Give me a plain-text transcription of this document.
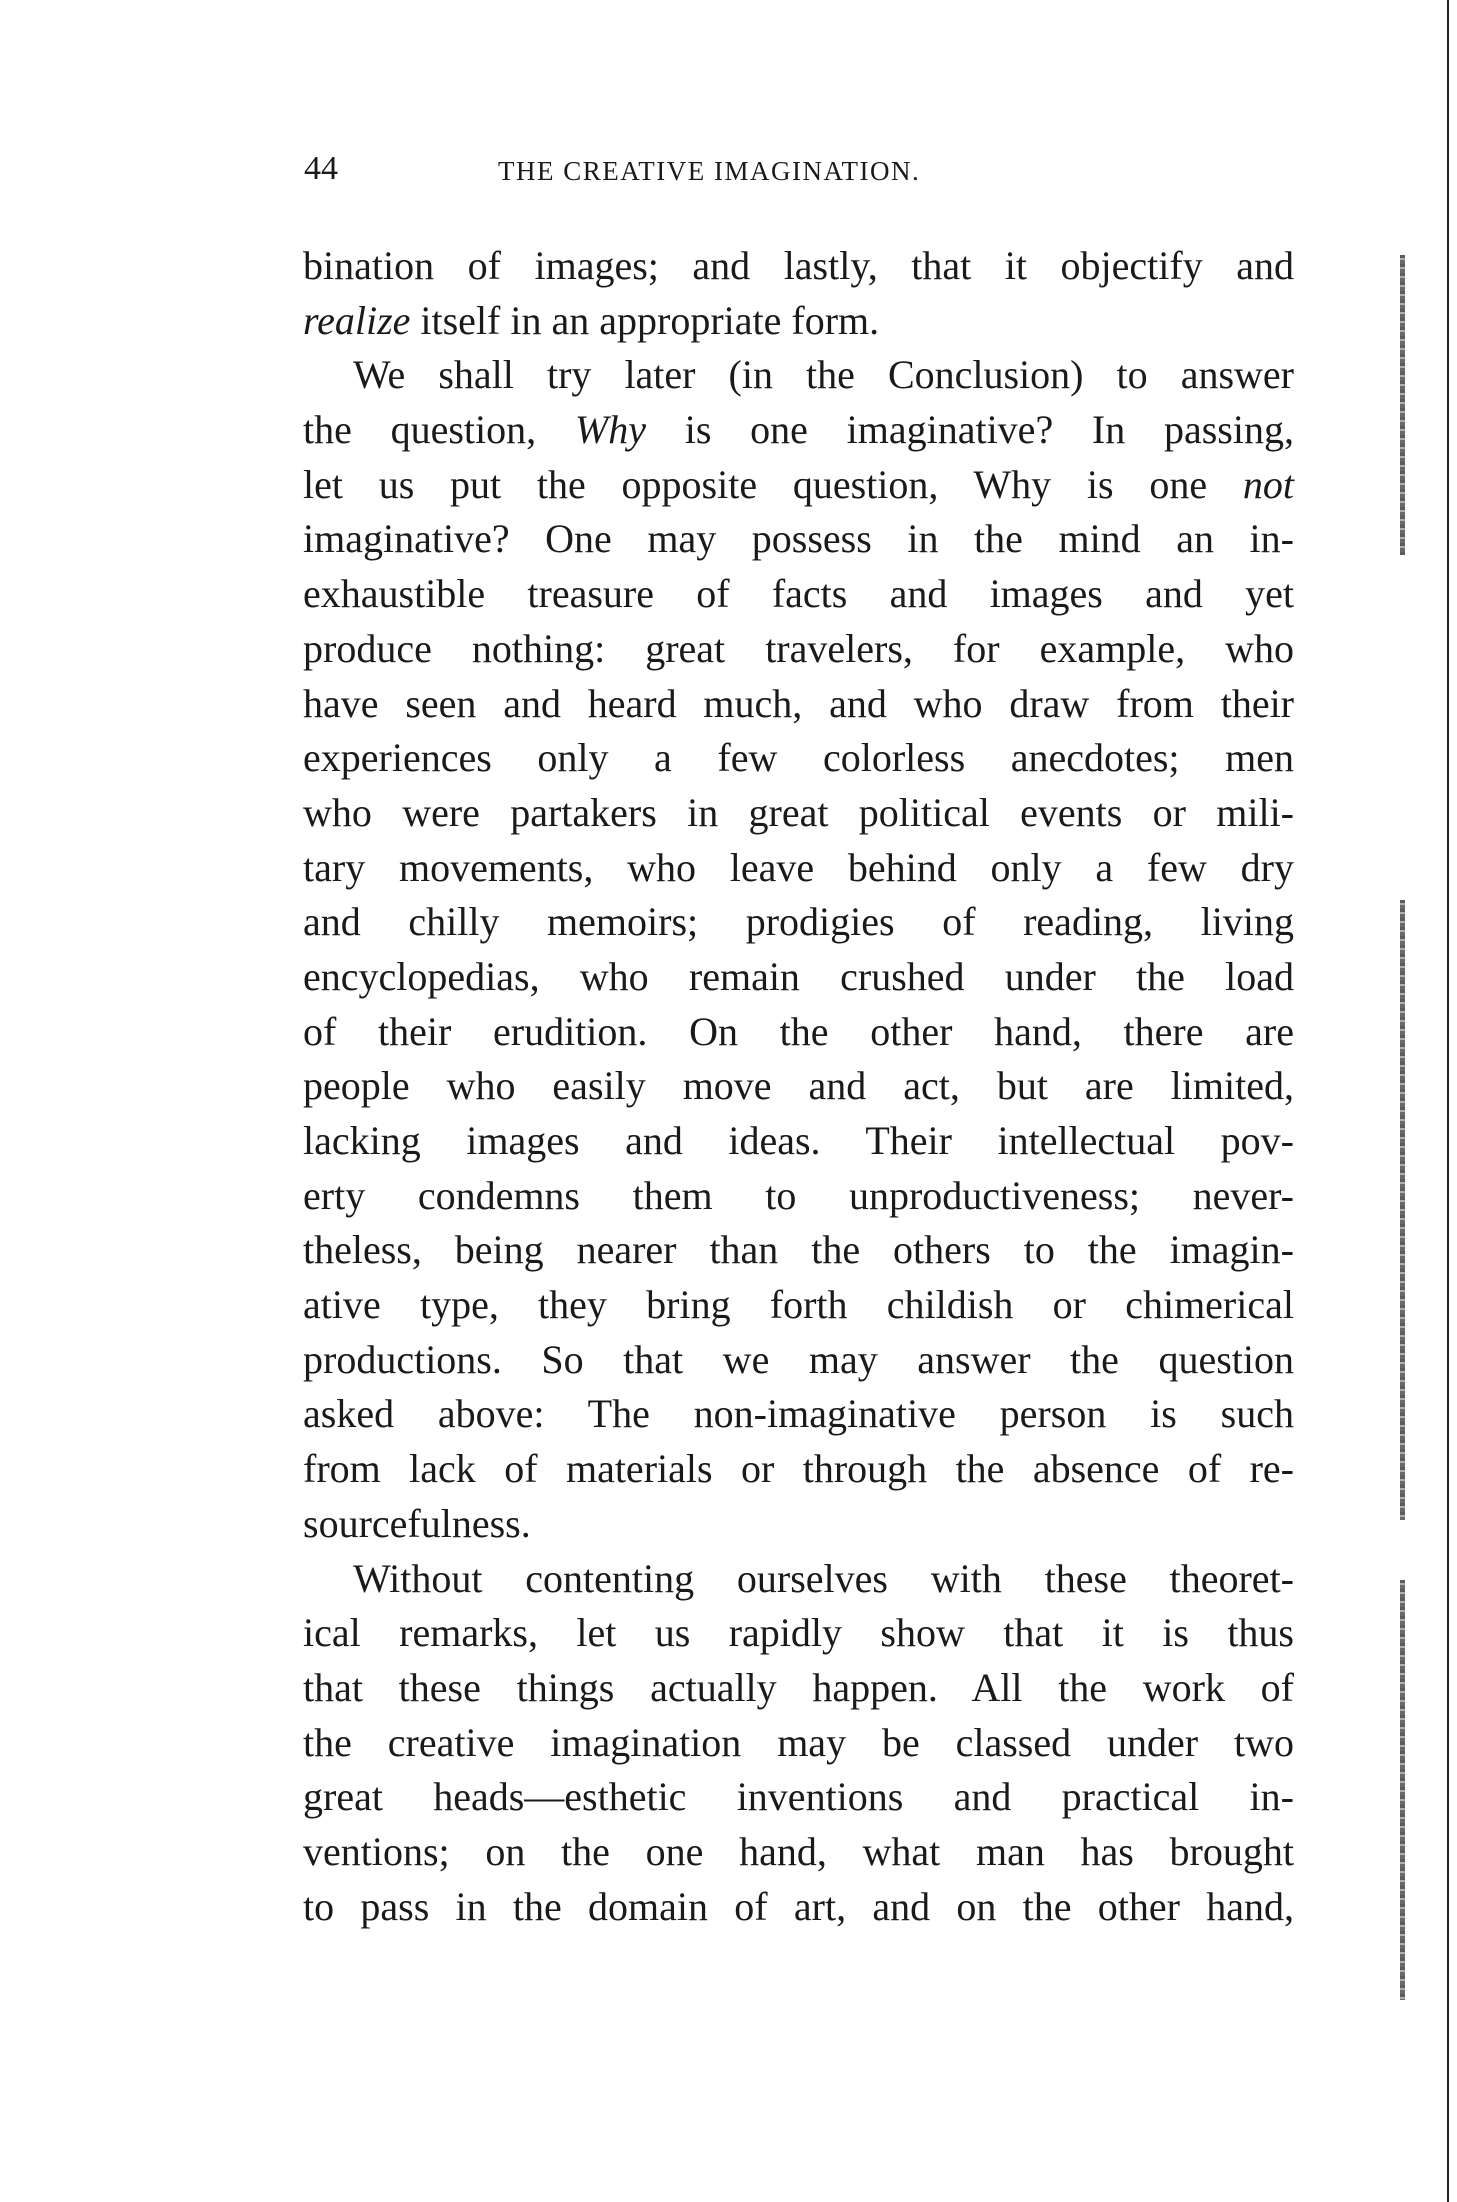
44	THE CREATIVE IMAGINATION.
bination of images; and lastly, that it objectify and
realize itself in an appropriate form.
We shall try later (in the Conclusion) to answer
the question, Why is one imaginative? In passing,
let us put the opposite question, Why is one not
imaginative? One may possess in the mind an in-
exhaustible treasure of facts and images and yet
produce nothing: great travelers, for example, who
have seen and heard much, and who draw from their
experiences only a few colorless anecdotes; men
who were partakers in great political events or mili-
tary movements, who leave behind only a few dry
and chilly memoirs; prodigies of reading, living
encyclopedias, who remain crushed under the load
of their erudition. On the other hand, there are
people who easily move and act, but are limited,
lacking images and ideas. Their intellectual pov-
erty condemns them to unproductiveness; never-
theless, being nearer than the others to the imagin-
ative type, they bring forth childish or chimerical
productions. So that we may answer the question
asked above: The non-imaginative person is such
from lack of materials or through the absence of re-
sourcefulness.
Without contenting ourselves with these theoret-
ical remarks, let us rapidly show that it is thus
that these things actually happen. All the work of
the creative imagination may be classed under two
great heads—esthetic inventions and practical in-
ventions; on the one hand, what man has brought
to pass in the domain of art, and on the other hand,
